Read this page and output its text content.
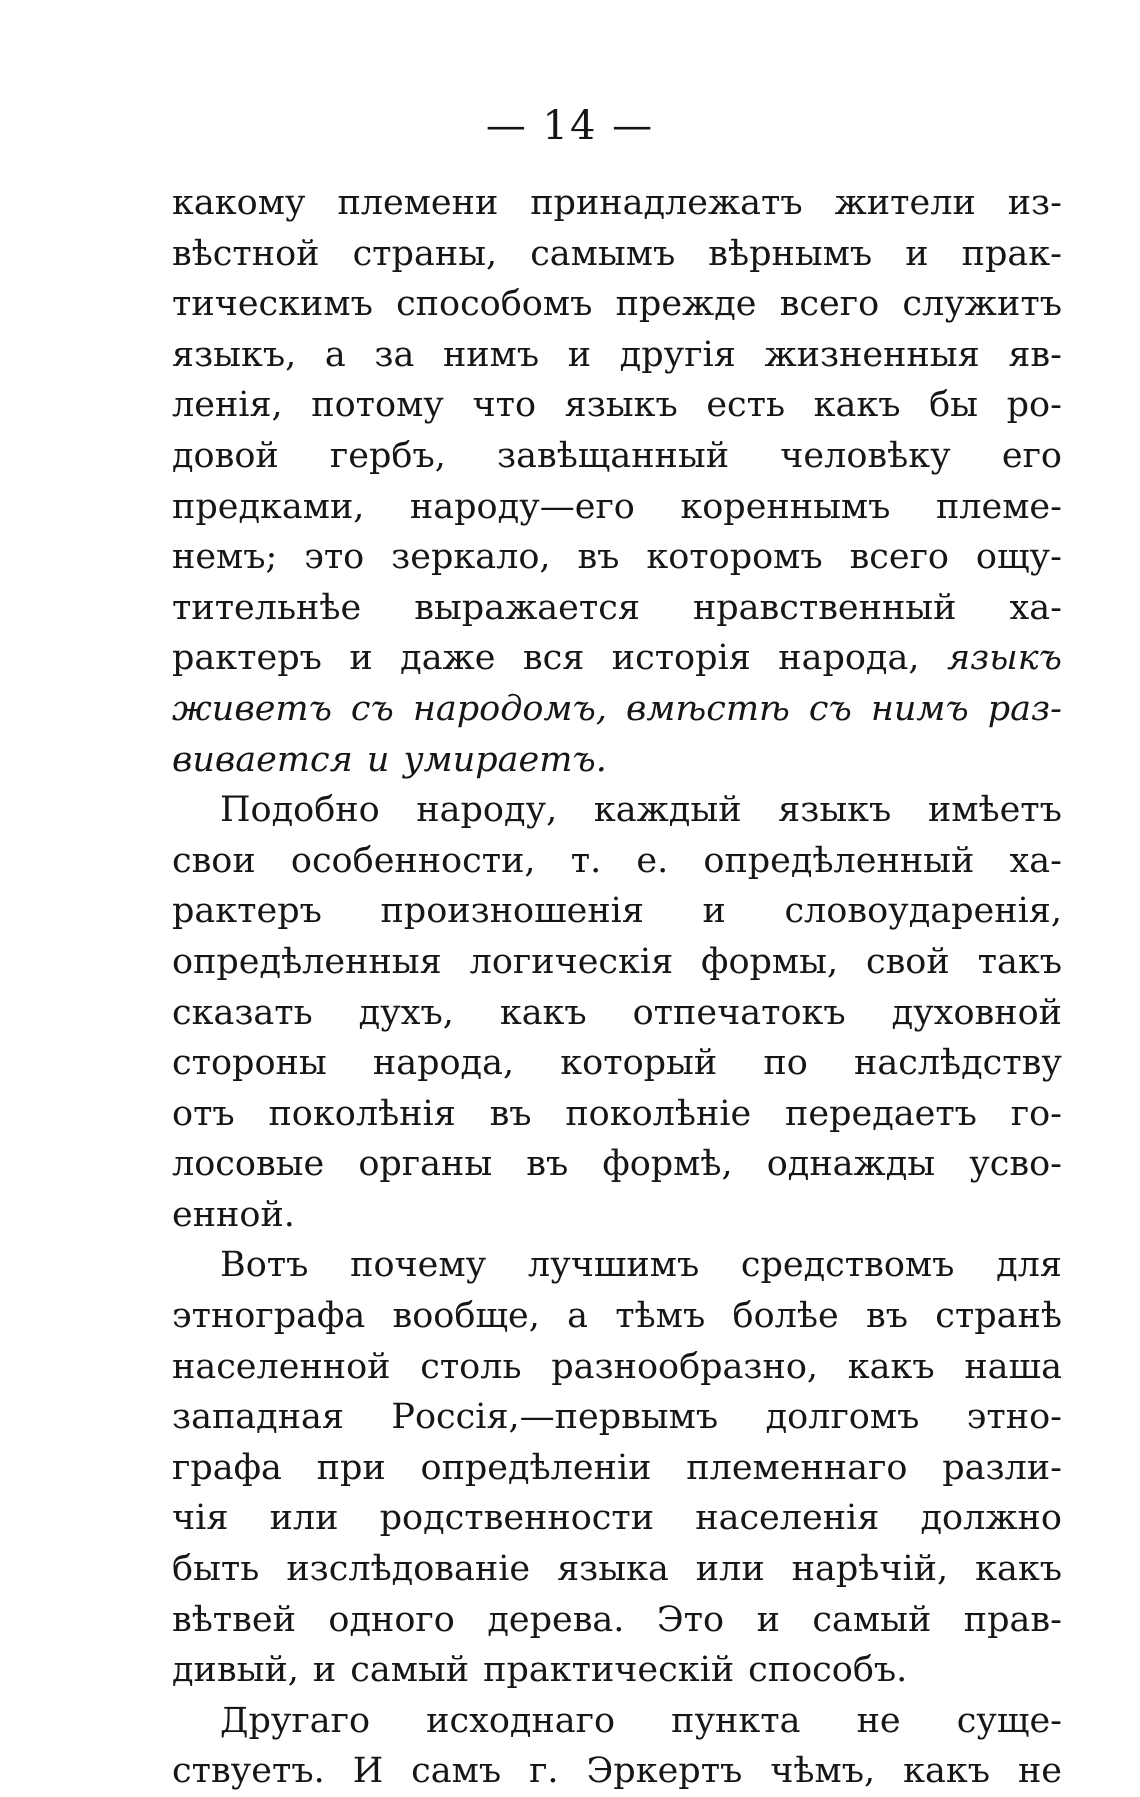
— 14 —
какому племени принадлежатъ жители из-
вѣстной страны, самымъ вѣрнымъ и прак-
тическимъ способомъ прежде всего служитъ
языкъ, а за нимъ и другія жизненныя яв-
ленія, потому что языкъ есть какъ бы ро-
довой гербъ, завѣщанный человѣку его
предками, народу—его кореннымъ племе-
немъ; это зеркало, въ которомъ всего ощу-
тительнѣе выражается нравственный ха-
рактеръ и даже вся исторія народа, языкъ
живетъ съ народомъ, вмѣстѣ съ нимъ раз-
вивается и умираетъ.
Подобно народу, каждый языкъ имѣетъ
свои особенности, т. е. опредѣленный ха-
рактеръ произношенія и словоударенія,
опредѣленныя логическія формы, свой такъ
сказать духъ, какъ отпечатокъ духовной
стороны народа, который по наслѣдству
отъ поколѣнія въ поколѣніе передаетъ го-
лосовые органы въ формѣ, однажды усво-
енной.
Вотъ почему лучшимъ средствомъ для
этнографа вообще, а тѣмъ болѣе въ странѣ
населенной столь разнообразно, какъ наша
западная Россія,—первымъ долгомъ этно-
графа при опредѣленіи племеннаго разли-
чія или родственности населенія должно
быть изслѣдованіе языка или нарѣчій, какъ
вѣтвей одного дерева. Это и самый прав-
дивый, и самый практическій способъ.
Другаго исходнаго пункта не суще-
ствуетъ. И самъ г. Эркертъ чѣмъ, какъ не
